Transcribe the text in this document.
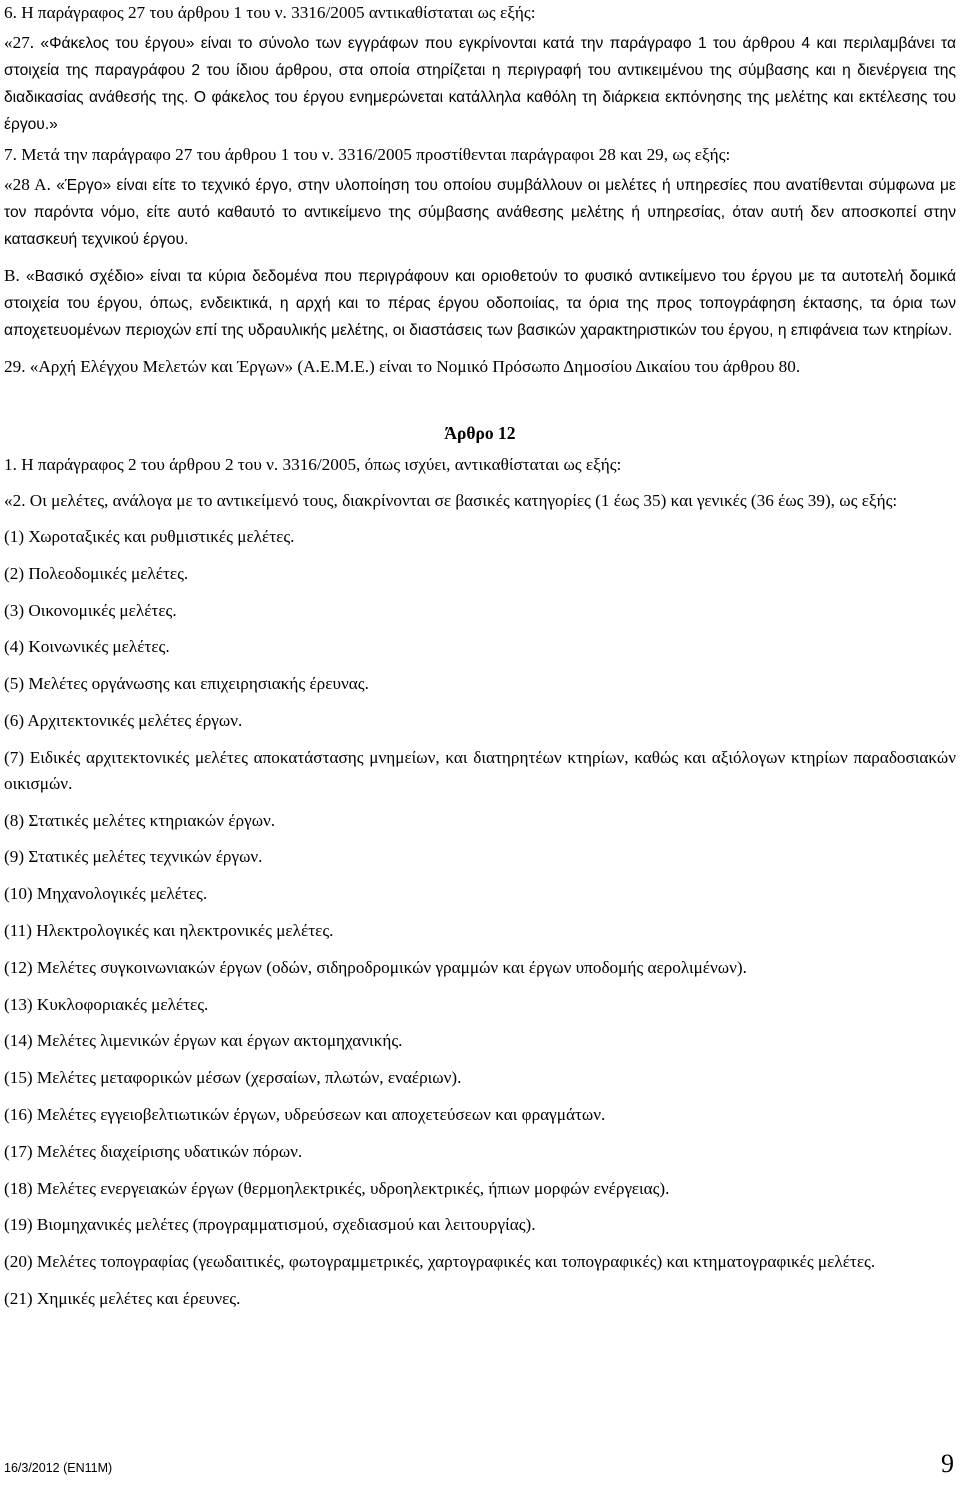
6. Η παράγραφος 27 του άρθρου 1 του ν. 3316/2005 αντικαθίσταται ως εξής:

«27. «Φάκελος του έργου» είναι το σύνολο των εγγράφων που εγκρίνονται κατά την παράγραφο 1 του άρθρου 4 και περιλαμβάνει τα στοιχεία της παραγράφου 2 του ίδιου άρθρου, στα οποία στηρίζεται η περιγραφή του αντικειμένου της σύμβασης και η διενέργεια της διαδικασίας ανάθεσής της. Ο φάκελος του έργου ενημερώνεται κατάλληλα καθόλη τη διάρκεια εκπόνησης της μελέτης και εκτέλεσης του έργου.»

7. Μετά την παράγραφο 27 του άρθρου 1 του ν. 3316/2005 προστίθενται παράγραφοι 28 και 29, ως εξής:

«28 Α. «Έργο» είναι είτε το τεχνικό έργο, στην υλοποίηση του οποίου συμβάλλουν οι μελέτες ή υπηρεσίες που ανατίθενται σύμφωνα με τον παρόντα νόμο, είτε αυτό καθαυτό το αντικείμενο της σύμβασης ανάθεσης μελέτης ή υπηρεσίας, όταν αυτή δεν αποσκοπεί στην κατασκευή τεχνικού έργου.

Β. «Βασικό σχέδιο» είναι τα κύρια δεδομένα που περιγράφουν και οριοθετούν το φυσικό αντικείμενο του έργου με τα αυτοτελή δομικά στοιχεία του έργου, όπως, ενδεικτικά, η αρχή και το πέρας έργου οδοποιίας, τα όρια της προς τοπογράφηση έκτασης, τα όρια των αποχετευομένων περιοχών επί της υδραυλικής μελέτης, οι διαστάσεις των βασικών χαρακτηριστικών του έργου, η επιφάνεια των κτηρίων.

29. «Αρχή Ελέγχου Μελετών και Έργων» (Α.Ε.Μ.Ε.) είναι το Νομικό Πρόσωπο Δημοσίου Δικαίου του άρθρου 80.

Άρθρο 12

1. Η παράγραφος 2 του άρθρου 2 του ν. 3316/2005, όπως ισχύει, αντικαθίσταται ως εξής:

«2. Οι μελέτες, ανάλογα με το αντικείμενό τους, διακρίνονται σε βασικές κατηγορίες (1 έως 35) και γενικές (36 έως 39), ως εξής:

(1) Χωροταξικές και ρυθμιστικές μελέτες.

(2) Πολεοδομικές μελέτες.

(3) Οικονομικές μελέτες.

(4) Κοινωνικές μελέτες.

(5) Μελέτες οργάνωσης και επιχειρησιακής έρευνας.

(6) Αρχιτεκτονικές μελέτες έργων.

(7) Ειδικές αρχιτεκτονικές μελέτες αποκατάστασης μνημείων, και διατηρητέων κτηρίων, καθώς και αξιόλογων κτηρίων παραδοσιακών οικισμών.

(8) Στατικές μελέτες κτηριακών έργων.

(9) Στατικές μελέτες τεχνικών έργων.

(10) Μηχανολογικές μελέτες.

(11) Ηλεκτρολογικές και ηλεκτρονικές μελέτες.

(12) Μελέτες συγκοινωνιακών έργων (οδών, σιδηροδρομικών γραμμών και έργων υποδομής αερολιμένων).

(13) Κυκλοφοριακές μελέτες.

(14) Μελέτες λιμενικών έργων και έργων ακτομηχανικής.

(15) Μελέτες μεταφορικών μέσων (χερσαίων, πλωτών, εναέριων).

(16) Μελέτες εγγειοβελτιωτικών έργων, υδρεύσεων και αποχετεύσεων και φραγμάτων.

(17) Μελέτες διαχείρισης υδατικών πόρων.

(18) Μελέτες ενεργειακών έργων (θερμοηλεκτρικές, υδροηλεκτρικές, ήπιων μορφών ενέργειας).

(19) Βιομηχανικές μελέτες (προγραμματισμού, σχεδιασμού και λειτουργίας).

(20) Μελέτες τοπογραφίας (γεωδαιτικές, φωτογραμμετρικές, χαρτογραφικές και τοπογραφικές) και κτηματογραφικές μελέτες.

(21) Χημικές μελέτες και έρευνες.

16/3/2012 (EN11M)	9
